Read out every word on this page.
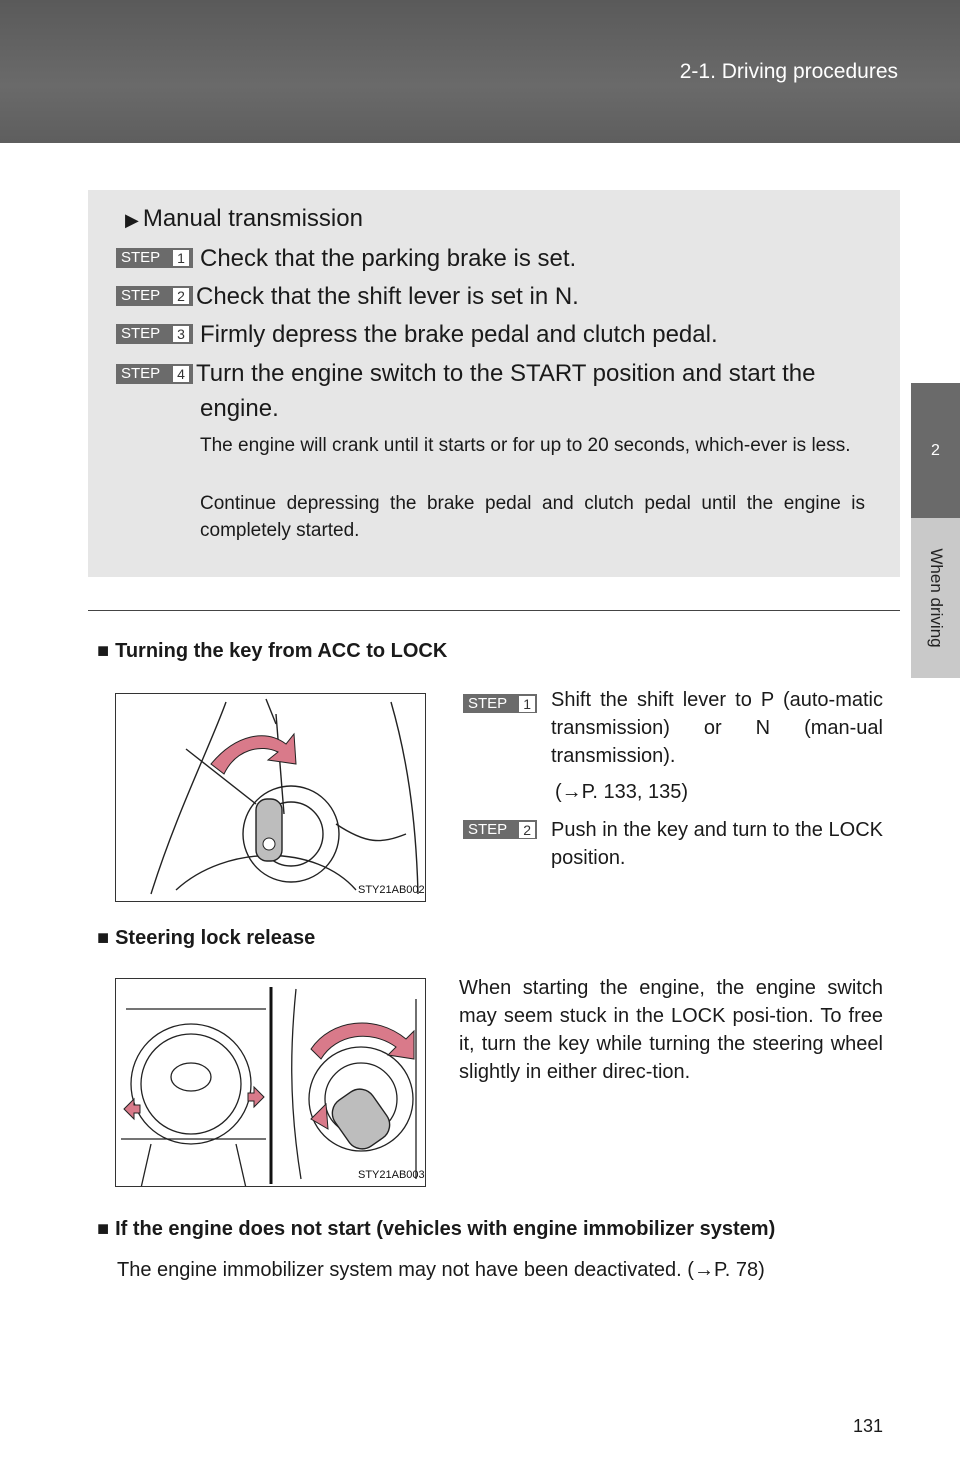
2-1. Driving procedures
2
When driving
▶ Manual transmission
STEP	1 Check that the parking brake is set.
STEP	2 Check that the shift lever is set in N.
STEP	3 Firmly depress the brake pedal and clutch pedal.
STEP	4 Turn the engine switch to the START position and start the
engine.
The engine will crank until it starts or for up to 20 seconds, which-ever is less.
Continue depressing the brake pedal and clutch pedal until the engine is completely started.
■ Turning the key from ACC to LOCK
STY21AB002
STEP	1 Shift the shift lever to P (auto-matic transmission) or N (man-ual transmission).
(→P. 133, 135)
STEP	2 Push in the key and turn to the LOCK position.
■ Steering lock release
STY21AB003
When starting the engine, the engine switch may seem stuck in the LOCK posi-tion. To free it, turn the key while turning the steering wheel slightly in either direc-tion.
■ If the engine does not start (vehicles with engine immobilizer system)
The engine immobilizer system may not have been deactivated. (→P. 78)
131
